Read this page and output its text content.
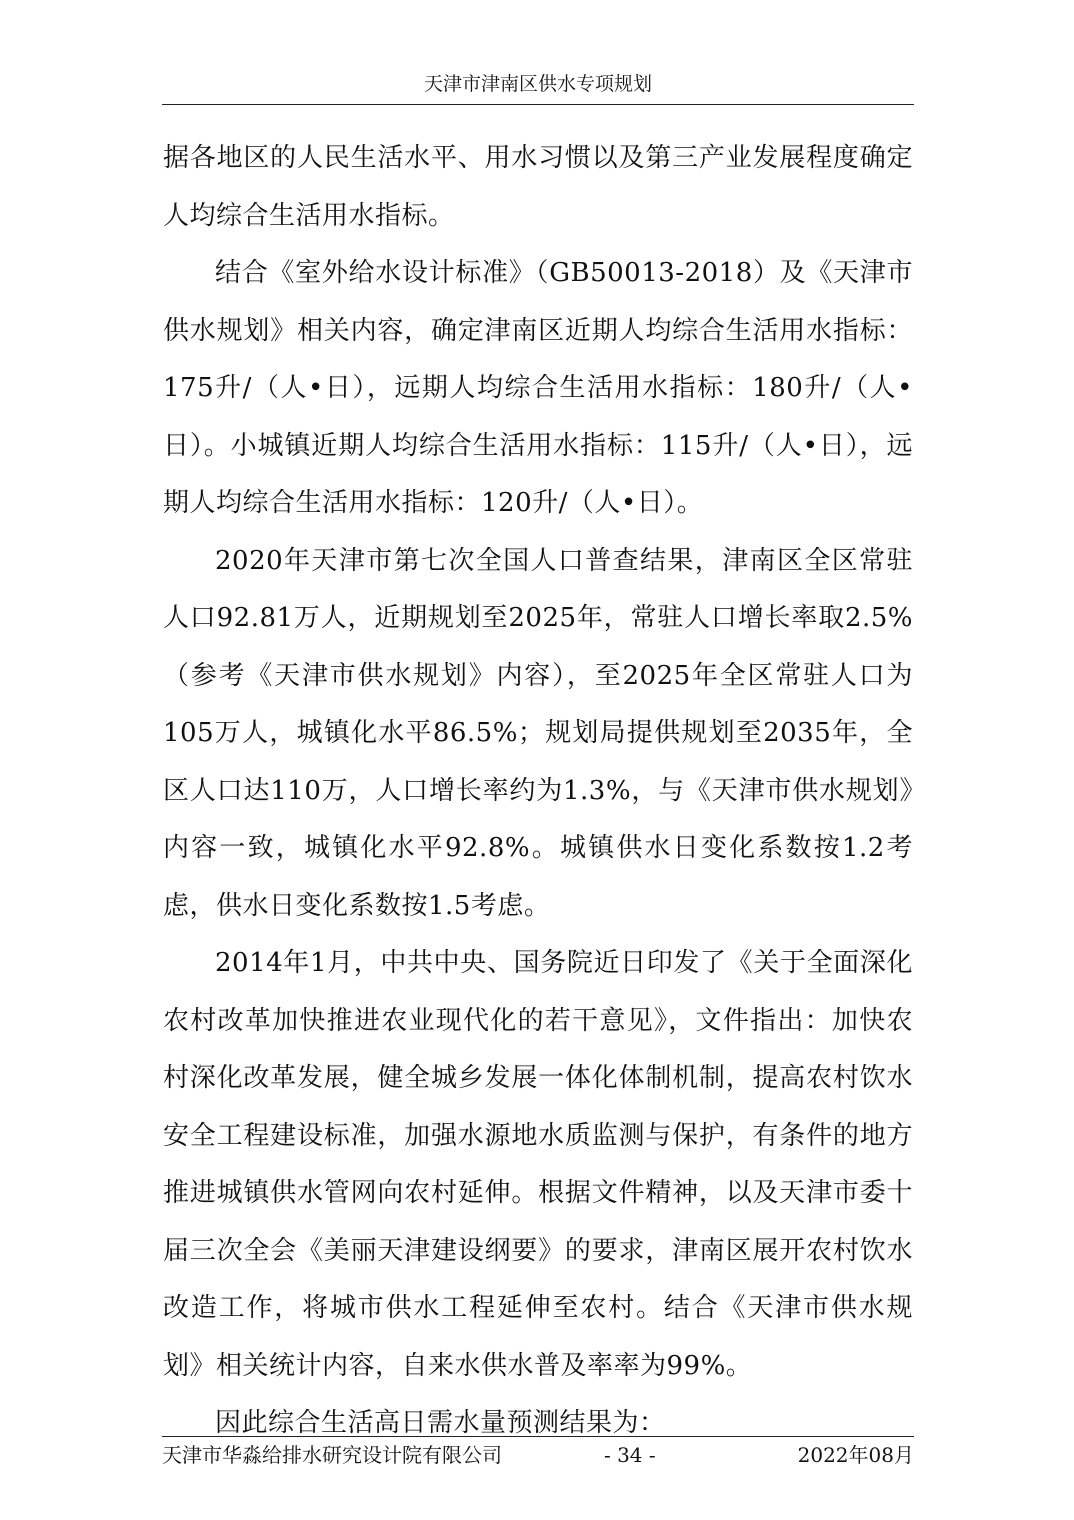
天津市津南区供水专项规划

据各地区的人民生活水平、用水习惯以及第三产业发展程度确定人均综合生活用水指标。

结合《室外给水设计标准》（GB50013-2018）及《天津市供水规划》相关内容，确定津南区近期人均综合生活用水指标：175升/（人•日），远期人均综合生活用水指标：180升/（人•日）。小城镇近期人均综合生活用水指标：115升/（人•日），远期人均综合生活用水指标：120升/（人•日）。

2020年天津市第七次全国人口普查结果，津南区全区常驻人口92.81万人，近期规划至2025年，常驻人口增长率取2.5%（参考《天津市供水规划》内容），至2025年全区常驻人口为105万人，城镇化水平86.5%；规划局提供规划至2035年，全区人口达110万，人口增长率约为1.3%，与《天津市供水规划》内容一致，城镇化水平92.8%。城镇供水日变化系数按1.2考虑，供水日变化系数按1.5考虑。

2014年1月，中共中央、国务院近日印发了《关于全面深化农村改革加快推进农业现代化的若干意见》，文件指出：加快农村深化改革发展，健全城乡发展一体化体制机制，提高农村饮水安全工程建设标准，加强水源地水质监测与保护，有条件的地方推进城镇供水管网向农村延伸。根据文件精神，以及天津市委十届三次全会《美丽天津建设纲要》的要求，津南区展开农村饮水改造工作，将城市供水工程延伸至农村。结合《天津市供水规划》相关统计内容，自来水供水普及率率为99%。

因此综合生活高日需水量预测结果为：

天津市华淼给排水研究设计院有限公司	- 34 -	2022年08月
